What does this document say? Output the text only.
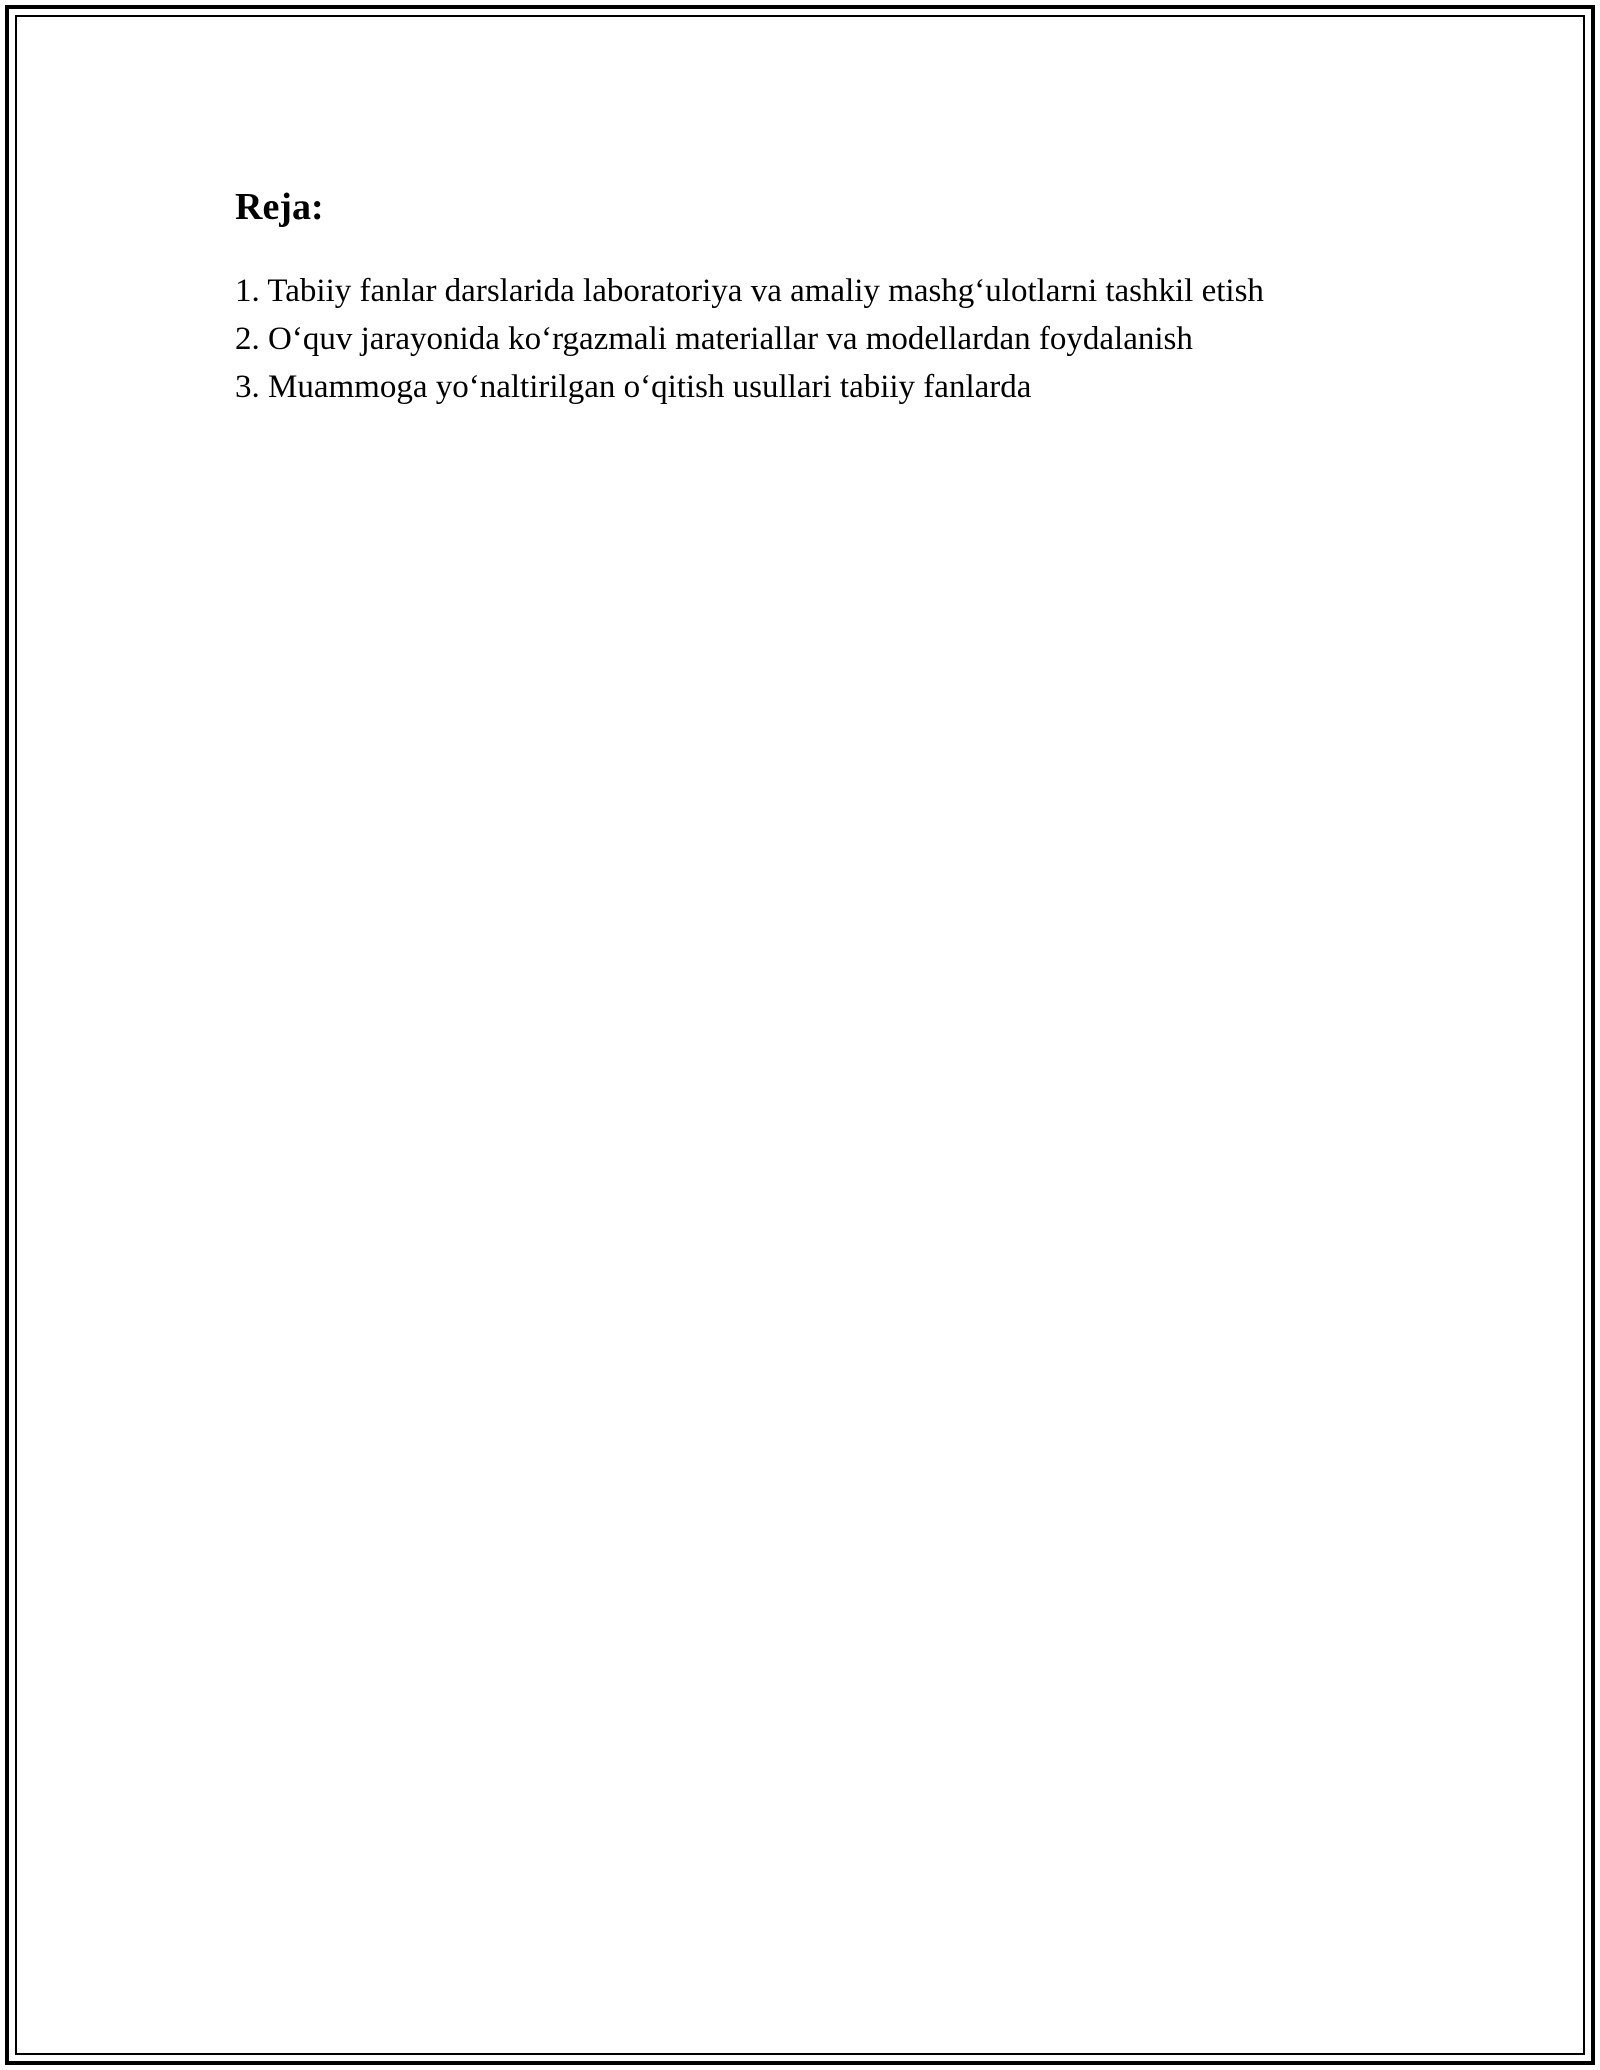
Reja:
1. Tabiiy fanlar darslarida laboratoriya va amaliy mashg‘ulotlarni tashkil etish
2. O‘quv jarayonida ko‘rgazmali materiallar va modellardan foydalanish
3. Muammoga yo‘naltirilgan o‘qitish usullari tabiiy fanlarda
